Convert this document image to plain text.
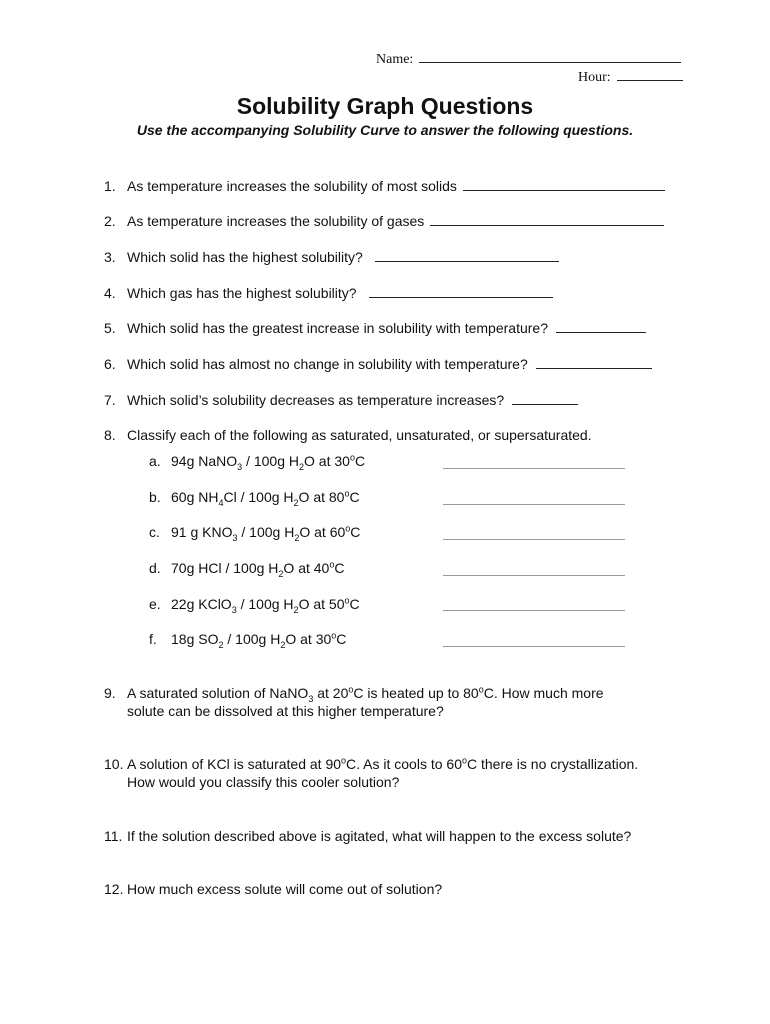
Name:
Hour:
Solubility Graph Questions
Use the accompanying Solubility Curve to answer the following questions.
1. As temperature increases the solubility of most solids
2. As temperature increases the solubility of gases
3. Which solid has the highest solubility?
4. Which gas has the highest solubility?
5. Which solid has the greatest increase in solubility with temperature?
6. Which solid has almost no change in solubility with temperature?
7. Which solid’s solubility decreases as temperature increases?
8. Classify each of the following as saturated, unsaturated, or supersaturated.
a. 94g NaNO$_3$ / 100g $H_2O$ at 30$^o$C
b. 60g $NH_4Cl / 100g$ $H_2O$ at 80$^o$C
c. 91 g $KNO_3 / 100g$ $H_2O$ at 60$^o$C
d. 70g HCl / 100g $H_2O$ at 40$^o$C
e. 22g KClO$_3$ / 100g $H_2O$ at 50$^o$C
f. 18g $SO_2 / 100g$ $H_2O$ at 30$^o$C
9. A saturated solution of NaNO$_3$ at 20$^o$C is heated up to 80$^o$C. How much more
solute can be dissolved at this higher temperature?
10. A solution of KCl is saturated at 90$^o$C. As it cools to 60$^o$C there is no crystallization.
How would you classify this cooler solution?
11. If the solution described above is agitated, what will happen to the excess solute?
12. How much excess solute will come out of solution?
